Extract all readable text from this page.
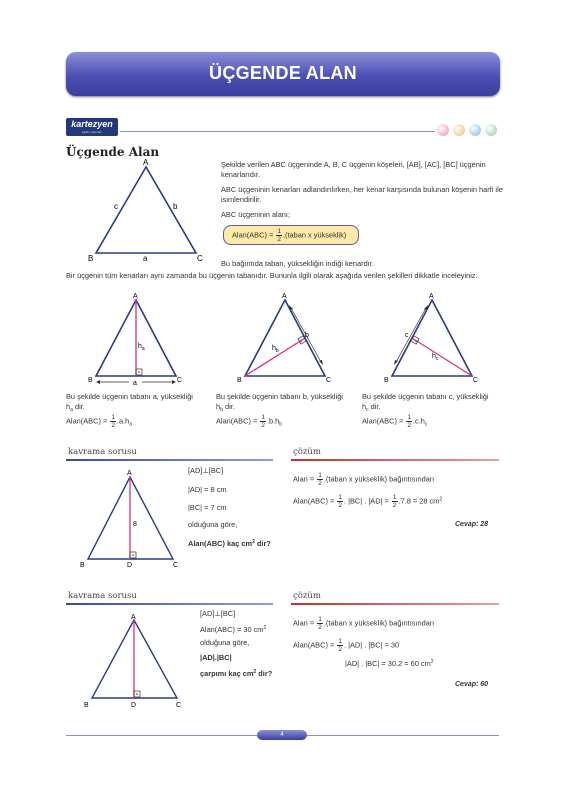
ÜÇGENDE ALAN
kartezyen
eğitim yayınları
Üçgende Alan
A
B	C
a
b
c
Şekilde verilen ABC üçgeninde A, B, C üçgenin köşeleri, [AB], [AC], [BC] üçgenin kenarlarıdır.
ABC üçgeninin kenarları adlandırılırken, her kenar karşısında bulunan köşenin harfi ile isimlendirilir.
ABC üçgeninin alanı;
Alan(ABC) = $\frac{1}{2}$ .(taban x yükseklik)
Bu bağıntıda taban, yüksekliğin indiği kenardır.
Bir üçgenin tüm kenarları aynı zamanda bu üçgenin tabanıdır. Bununla ilgili olarak aşağıda verilen şekilleri dikkatle inceleyiniz.
A
B	C
$h_a$
a
Bu şekilde üçgenin tabanı a, yüksekliği
$h_a$ dir.
Alan(ABC) = $\frac{1}{2} .a.h_a$
A
B	C
b
$h_b$
Bu şekilde üçgenin tabanı b, yüksekliği
$h_b$ dir.
Alan(ABC) = $\frac{1}{2} .b.h_b$
A
B	C
c
$h_c$
Bu şekilde üçgenin tabanı c, yüksekliği
$h_c$ dir.
Alan(ABC) = $\frac{1}{2} .c.h_c$
kavrama sorusu	çözüm
A
B	C
D
8
[AD]⊥[BC]
|AD| = 8 cm
|BC| = 7 cm
olduğuna göre,
Alan(ABC) kaç $cm^2$ dir?
Alan = $\frac{1}{2}$ .(taban x yükseklik) bağıntısından
Alan(ABC) = $\frac{1}{2}$ . |BC| . $|AD| = \frac{1}{2} .7.8 = 28$ $cm^2$
Cevap: 28
kavrama sorusu	çözüm
A
B	C
D
[AD]⊥[BC]
Alan(ABC) = 30 $cm^2$
olduğuna göre,
|AD|.|BC|
çarpımı kaç $cm^2$ dir?
Alan = $\frac{1}{2}$ .(taban x yükseklik) bağıntısından
Alan(ABC) = $\frac{1}{2}$ . |AD| . |BC| = 30
|AD| . |BC| = 30.2 = 60 $cm^2$
Cevap: 60
4
